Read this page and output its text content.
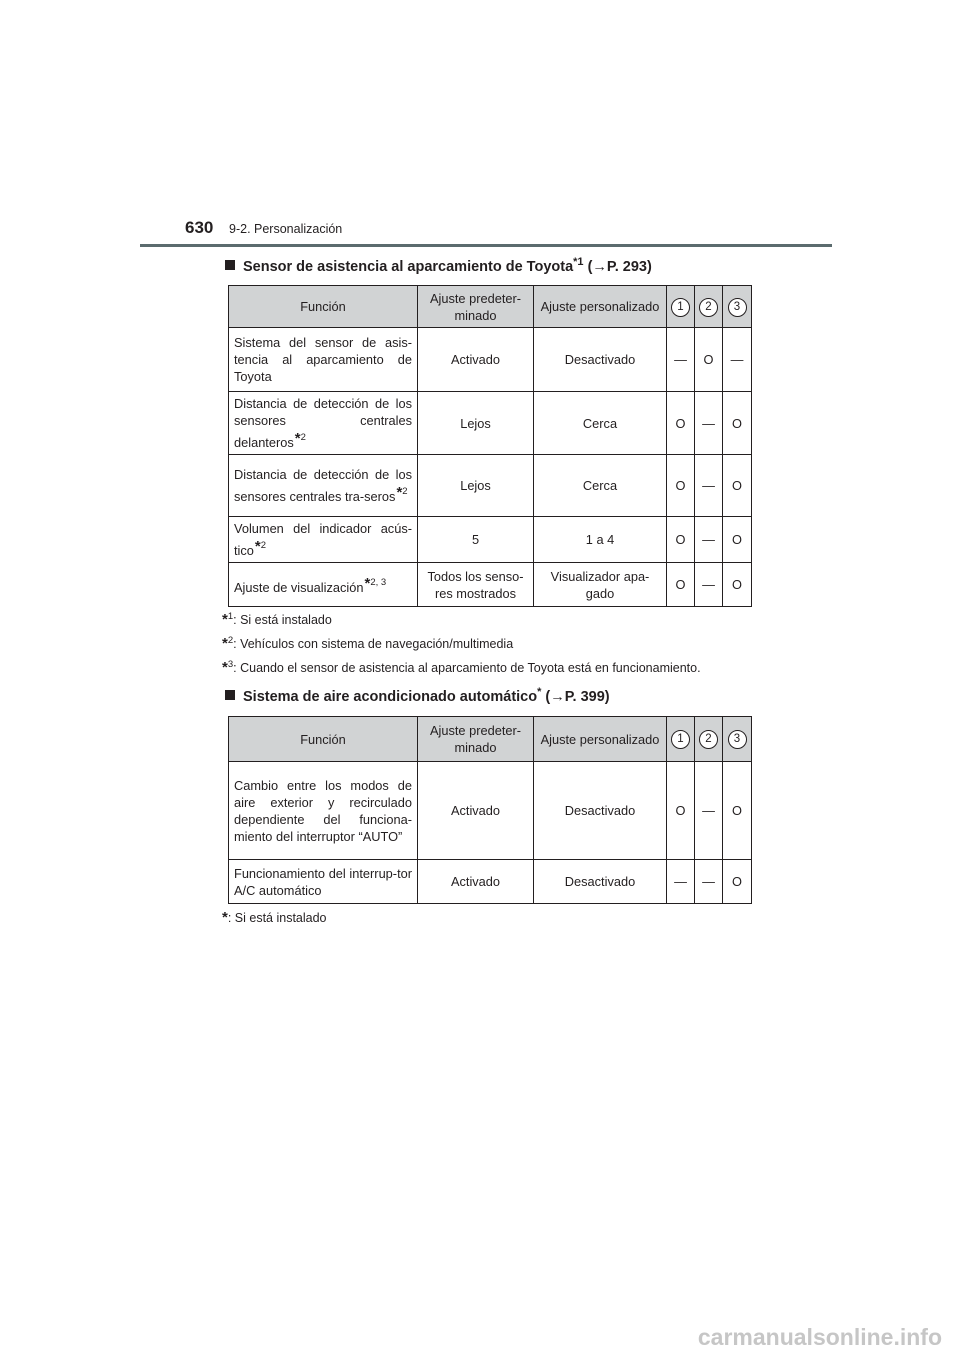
630 9-2. Personalización
Sensor de asistencia al aparcamiento de Toyota$^{*1}$ (→P. 293)
Función	Ajuste predeter-minado	Ajuste personalizado	1	2	3
Sistema del sensor de asis-tencia al aparcamiento de Toyota	Activado	Desactivado	—	O	—
Distancia de detección de los sensores centrales delanteros*$^2$	Lejos	Cerca	O	—	O
Distancia de detección de los sensores centrales tra-seros*$^2$	Lejos	Cerca	O	—	O
Volumen del indicador acús-tico*$^2$	5	1 a 4	O	—	O
Ajuste de visualización*$^{2, 3}$	Todos los senso-res mostrados	Visualizador apa-gado	O	—	O
*$^1$: Si está instalado
*$^2$: Vehículos con sistema de navegación/multimedia
*$^3$: Cuando el sensor de asistencia al aparcamiento de Toyota está en funcionamiento.
Sistema de aire acondicionado automático* (→P. 399)
Función	Ajuste predeter-minado	Ajuste personalizado	1	2	3
Cambio entre los modos de aire exterior y recirculado dependiente del funciona-miento del interruptor “AUTO”	Activado	Desactivado	O	—	O
Funcionamiento del interrup-tor A/C automático	Activado	Desactivado	—	—	O
*: Si está instalado
carmanualsonline.info
